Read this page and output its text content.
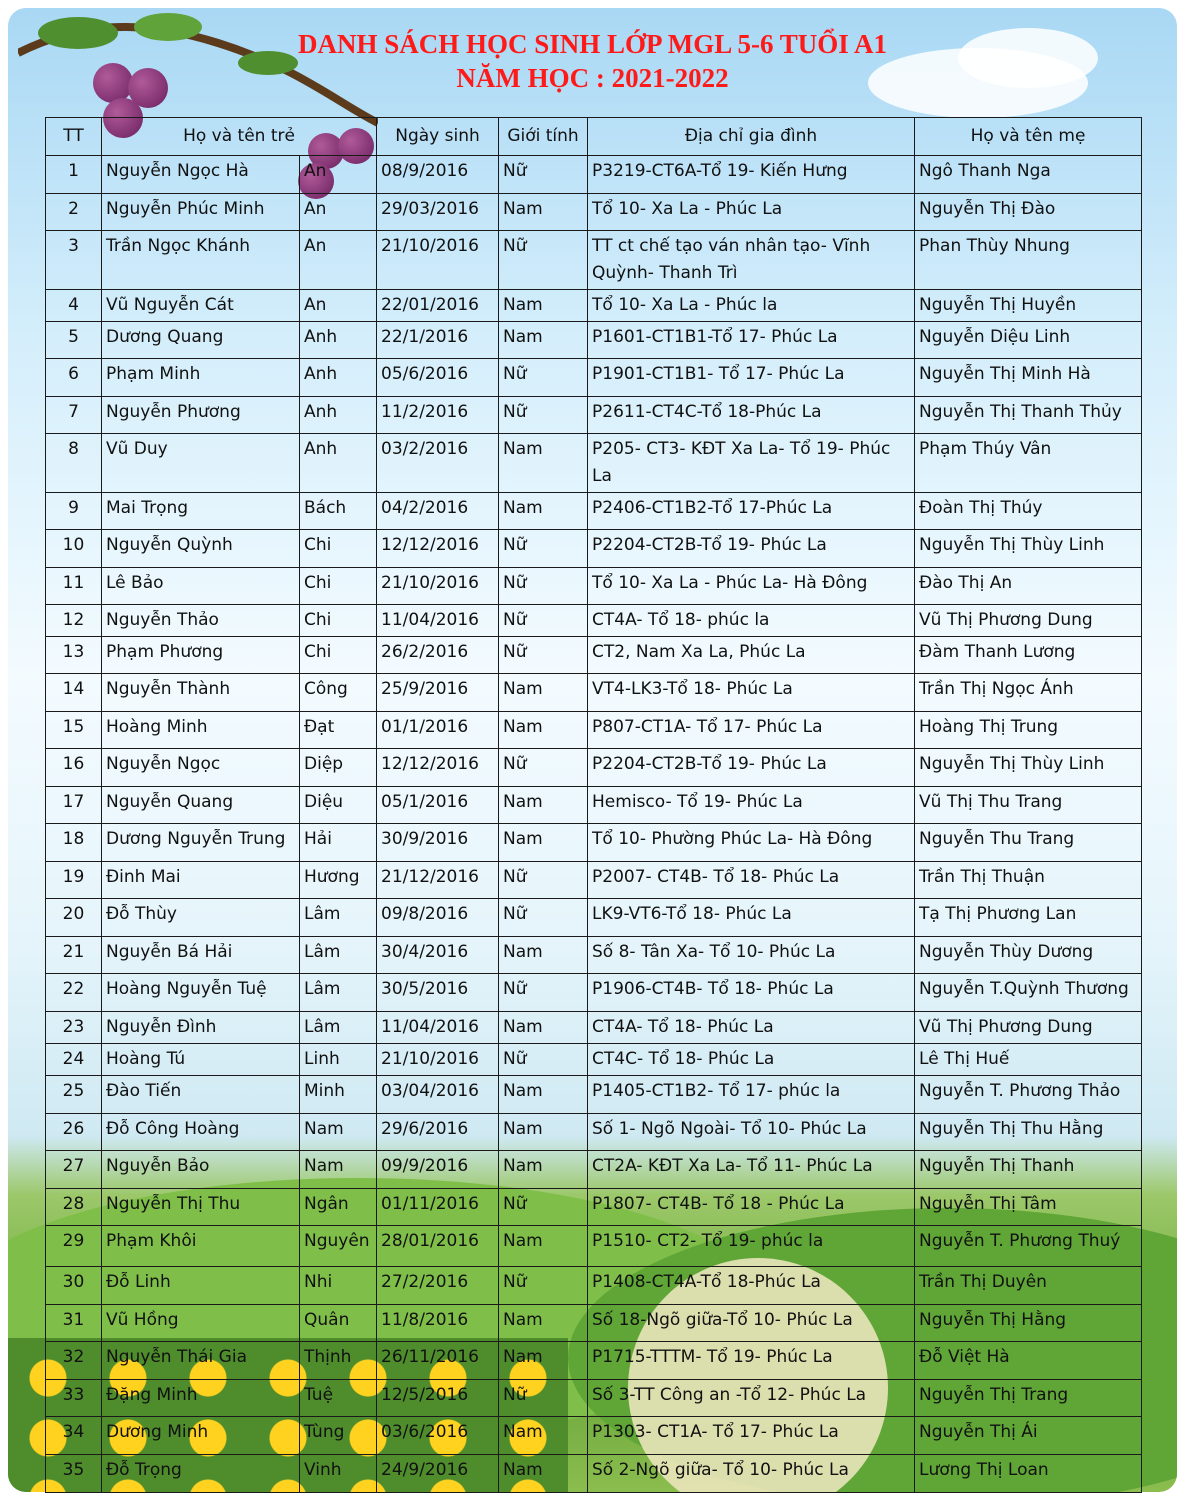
DANH SÁCH HỌC SINH LỚP MGL 5-6 TUỔI A1
NĂM HỌC : 2021-2022
TT	Họ và tên trẻ		Ngày sinh	Giới tính	Địa chỉ gia đình	Họ và tên mẹ
1	Nguyễn Ngọc Hà	An	08/9/2016	Nữ	P3219-CT6A-Tổ 19- Kiến Hưng	Ngô Thanh Nga
2	Nguyễn Phúc Minh	An	29/03/2016	Nam	Tổ 10- Xa La - Phúc La	Nguyễn Thị Đào
3	Trần Ngọc Khánh	An	21/10/2016	Nữ	TT ct chế tạo ván nhân tạo- Vĩnh Quỳnh- Thanh Trì	Phan Thùy Nhung
4	Vũ Nguyễn Cát	An	22/01/2016	Nam	Tổ 10- Xa La - Phúc la	Nguyễn Thị Huyền
5	Dương Quang	Anh	22/1/2016	Nam	P1601-CT1B1-Tổ 17- Phúc La	Nguyễn Diệu Linh
6	Phạm Minh	Anh	05/6/2016	Nữ	P1901-CT1B1- Tổ 17- Phúc La	Nguyễn Thị Minh Hà
7	Nguyễn Phương	Anh	11/2/2016	Nữ	P2611-CT4C-Tổ 18-Phúc La	Nguyễn Thị Thanh Thủy
8	Vũ Duy	Anh	03/2/2016	Nam	P205- CT3- KĐT Xa La- Tổ 19- Phúc La	Phạm Thúy Vân
9	Mai Trọng	Bách	04/2/2016	Nam	P2406-CT1B2-Tổ 17-Phúc La	Đoàn Thị Thúy
10	Nguyễn Quỳnh	Chi	12/12/2016	Nữ	P2204-CT2B-Tổ 19- Phúc La	Nguyễn Thị Thùy Linh
11	Lê Bảo	Chi	21/10/2016	Nữ	Tổ 10- Xa La - Phúc La- Hà Đông	Đào Thị An
12	Nguyễn Thảo	Chi	11/04/2016	Nữ	CT4A- Tổ 18- phúc la	Vũ Thị Phương Dung
13	Phạm Phương	Chi	26/2/2016	Nữ	CT2, Nam Xa La, Phúc La	Đàm Thanh Lương
14	Nguyễn Thành	Công	25/9/2016	Nam	VT4-LK3-Tổ 18- Phúc La	Trần Thị Ngọc Ánh
15	Hoàng Minh	Đạt	01/1/2016	Nam	P807-CT1A- Tổ 17- Phúc La	Hoàng Thị Trung
16	Nguyễn Ngọc	Diệp	12/12/2016	Nữ	P2204-CT2B-Tổ 19- Phúc La	Nguyễn Thị Thùy Linh
17	Nguyễn Quang	Diệu	05/1/2016	Nam	Hemisco- Tổ 19- Phúc La	Vũ Thị Thu Trang
18	Dương Nguyễn Trung	Hải	30/9/2016	Nam	Tổ 10- Phường Phúc La- Hà Đông	Nguyễn Thu Trang
19	Đinh Mai	Hương	21/12/2016	Nữ	P2007- CT4B- Tổ 18- Phúc La	Trần Thị Thuận
20	Đỗ Thùy	Lâm	09/8/2016	Nữ	LK9-VT6-Tổ 18- Phúc La	Tạ Thị Phương Lan
21	Nguyễn Bá Hải	Lâm	30/4/2016	Nam	Số 8- Tân Xa- Tổ 10- Phúc La	Nguyễn Thùy Dương
22	Hoàng Nguyễn Tuệ	Lâm	30/5/2016	Nữ	P1906-CT4B- Tổ 18- Phúc La	Nguyễn T.Quỳnh Thương
23	Nguyễn Đình	Lâm	11/04/2016	Nam	CT4A- Tổ 18- Phúc La	Vũ Thị Phương Dung
24	Hoàng Tú	Linh	21/10/2016	Nữ	CT4C- Tổ 18- Phúc La	Lê Thị Huế
25	Đào Tiến	Minh	03/04/2016	Nam	P1405-CT1B2- Tổ 17- phúc la	Nguyễn T. Phương Thảo
26	Đỗ Công Hoàng	Nam	29/6/2016	Nam	Số 1- Ngõ Ngoài- Tổ 10- Phúc La	Nguyễn Thị Thu Hằng
27	Nguyễn Bảo	Nam	09/9/2016	Nam	CT2A- KĐT Xa La- Tổ 11- Phúc La	Nguyễn Thị Thanh
28	Nguyễn Thị Thu	Ngân	01/11/2016	Nữ	P1807- CT4B- Tổ 18 - Phúc La	Nguyễn Thị Tâm
29	Phạm Khôi	Nguyên	28/01/2016	Nam	P1510- CT2- Tổ 19- phúc la	Nguyễn T. Phương Thuý
30	Đỗ Linh	Nhi	27/2/2016	Nữ	P1408-CT4A-Tổ 18-Phúc La	Trần Thị Duyên
31	Vũ Hồng	Quân	11/8/2016	Nam	Số 18-Ngõ giữa-Tổ 10- Phúc La	Nguyễn Thị Hằng
32	Nguyễn Thái Gia	Thịnh	26/11/2016	Nam	P1715-TTTM- Tổ 19- Phúc La	Đỗ Việt Hà
33	Đặng Minh	Tuệ	12/5/2016	Nữ	Số 3-TT Công an -Tổ 12- Phúc La	Nguyễn Thị Trang
34	Dương Minh	Tùng	03/6/2016	Nam	P1303- CT1A- Tổ 17- Phúc La	Nguyễn Thị Ái
35	Đỗ Trọng	Vinh	24/9/2016	Nam	Số 2-Ngõ giữa- Tổ 10- Phúc La	Lương Thị Loan
